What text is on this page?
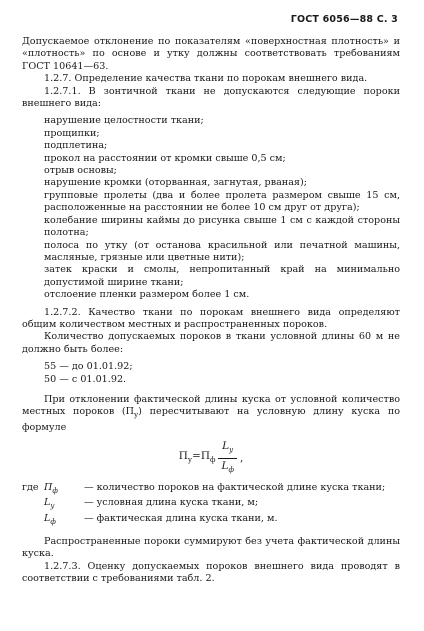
ГОСТ 6056—88 С. 3

Допускаемое отклонение по показателям «поверхностная плотность» и «плотность» по основе и утку должны соответствовать требованиям ГОСТ 10641—63.

1.2.7. Определение качества ткани по порокам внешнего вида.

1.2.7.1. В зонтичной ткани не допускаются следующие пороки внешнего вида:

нарушение целостности ткани;

прощипки;

подплетина;

прокол на расстоянии от кромки свыше 0,5 см;

отрыв основы;

нарушение кромки (оторванная, загнутая, рваная);

групповые пролеты (два и более пролета размером свыше 15 см, расположенные на расстоянии не более 10 см друг от друга);

колебание ширины каймы до рисунка свыше 1 см с каждой стороны полотна;

полоса по утку (от останова красильной или печатной машины, масляные, грязные или цветные нити);

затек краски и смолы, непропитанный край на минимально допустимой ширине ткани;

отслоение пленки размером более 1 см.

1.2.7.2. Качество ткани по порокам внешнего вида определяют общим количеством местных и распространенных пороков.

Количество допускаемых пороков в ткани условной длины 60 м не должно быть более:

55 — до 01.01.92;

50 — с 01.01.92.

При отклонении фактической длины куска от условной количество местных пороков $(П_у)$ пересчитывают на условную длину куска по формуле

$П_у =П_ф \frac{L_у}{L_ф}$ ,
где $П_ф$	— количество пороков на фактической длине куска ткани;
$L_у$	— условная длина куска ткани, м;
$L_ф$	— фактическая длина куска ткани, м.

Распространенные пороки суммируют без учета фактической длины куска.

1.2.7.3. Оценку допускаемых пороков внешнего вида проводят в соответствии с требованиями табл. 2.
